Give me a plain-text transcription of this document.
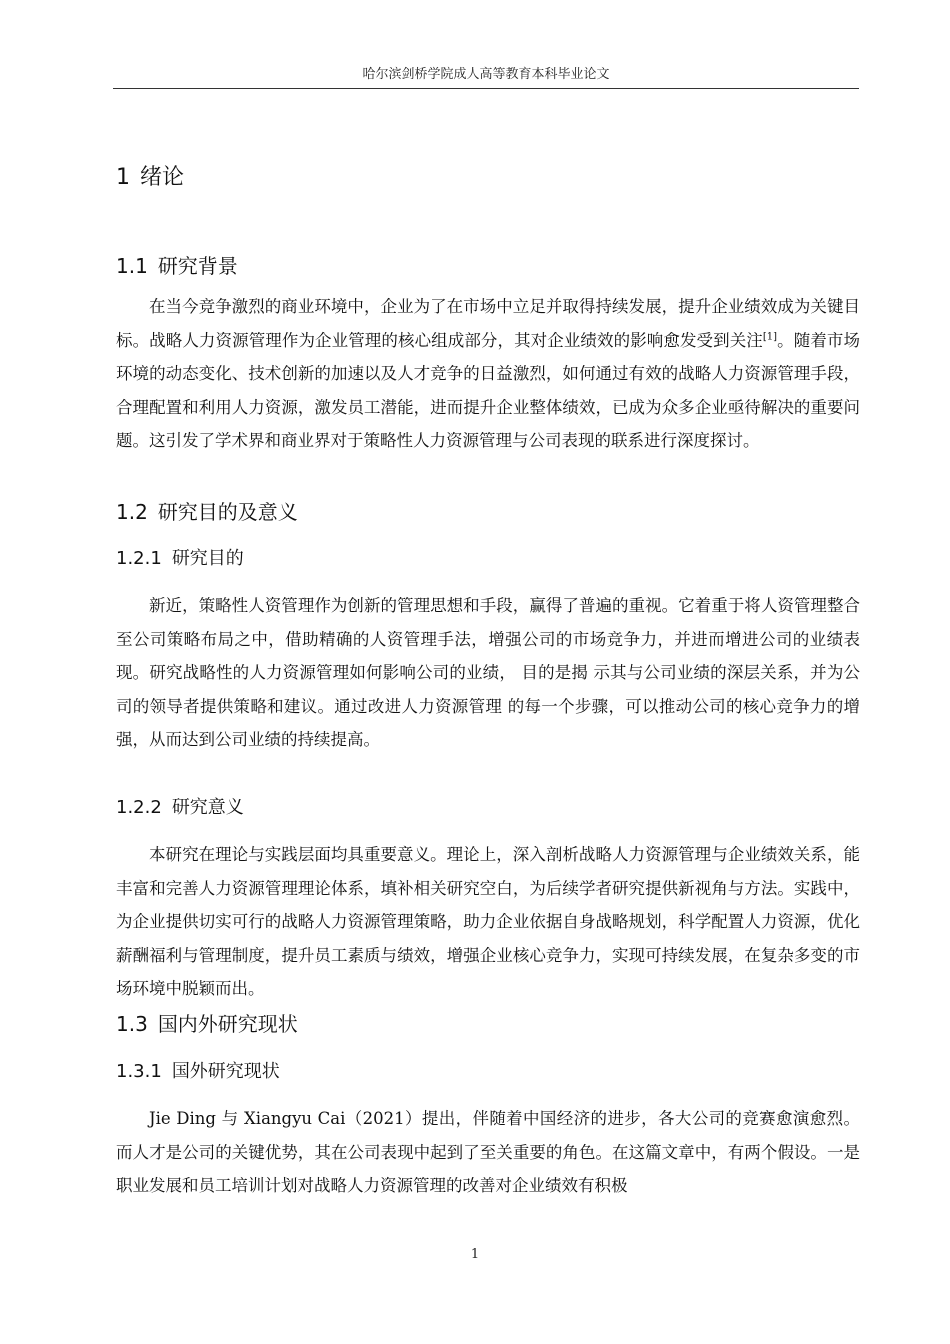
哈尔滨剑桥学院成人高等教育本科毕业论文
1 绪论
1.1 研究背景

在当今竞争激烈的商业环境中，企业为了在市场中立足并取得持续发展，提升企业绩效成为关键目标。战略人力资源管理作为企业管理的核心组成部分，其对企业绩效的影响愈发受到关注[1]。随着市场环境的动态变化、技术创新的加速以及人才竞争的日益激烈，如何通过有效的战略人力资源管理手段，合理配置和利用人力资源，激发员工潜能，进而提升企业整体绩效，已成为众多企业亟待解决的重要问题。这引发了学术界和商业界对于策略性人力资源管理与公司表现的联系进行深度探讨。

1.2 研究目的及意义
1.2.1 研究目的

新近，策略性人资管理作为创新的管理思想和手段，赢得了普遍的重视。它着重于将人资管理整合至公司策略布局之中，借助精确的人资管理手法，增强公司的市场竞争力，并进而增进公司的业绩表现。研究战略性的人力资源管理如何影响公司的业绩， 目的是揭 示其与公司业绩的深层关系，并为公司的领导者提供策略和建议。通过改进人力资源管理 的每一个步骤，可以推动公司的核心竞争力的增强，从而达到公司业绩的持续提高。

1.2.2 研究意义

本研究在理论与实践层面均具重要意义。理论上，深入剖析战略人力资源管理与企业绩效关系，能丰富和完善人力资源管理理论体系，填补相关研究空白，为后续学者研究提供新视角与方法。实践中，为企业提供切实可行的战略人力资源管理策略，助力企业依据自身战略规划，科学配置人力资源，优化薪酬福利与管理制度，提升员工素质与绩效，增强企业核心竞争力，实现可持续发展，在复杂多变的市场环境中脱颖而出。

1.3 国内外研究现状
1.3.1 国外研究现状

Jie Ding 与 Xiangyu Cai（2021）提出，伴随着中国经济的进步，各大公司的竞赛愈演愈烈。而人才是公司的关键优势，其在公司表现中起到了至关重要的角色。在这篇文章中，有两个假设。一是职业发展和员工培训计划对战略人力资源管理的改善对企业绩效有积极

1
